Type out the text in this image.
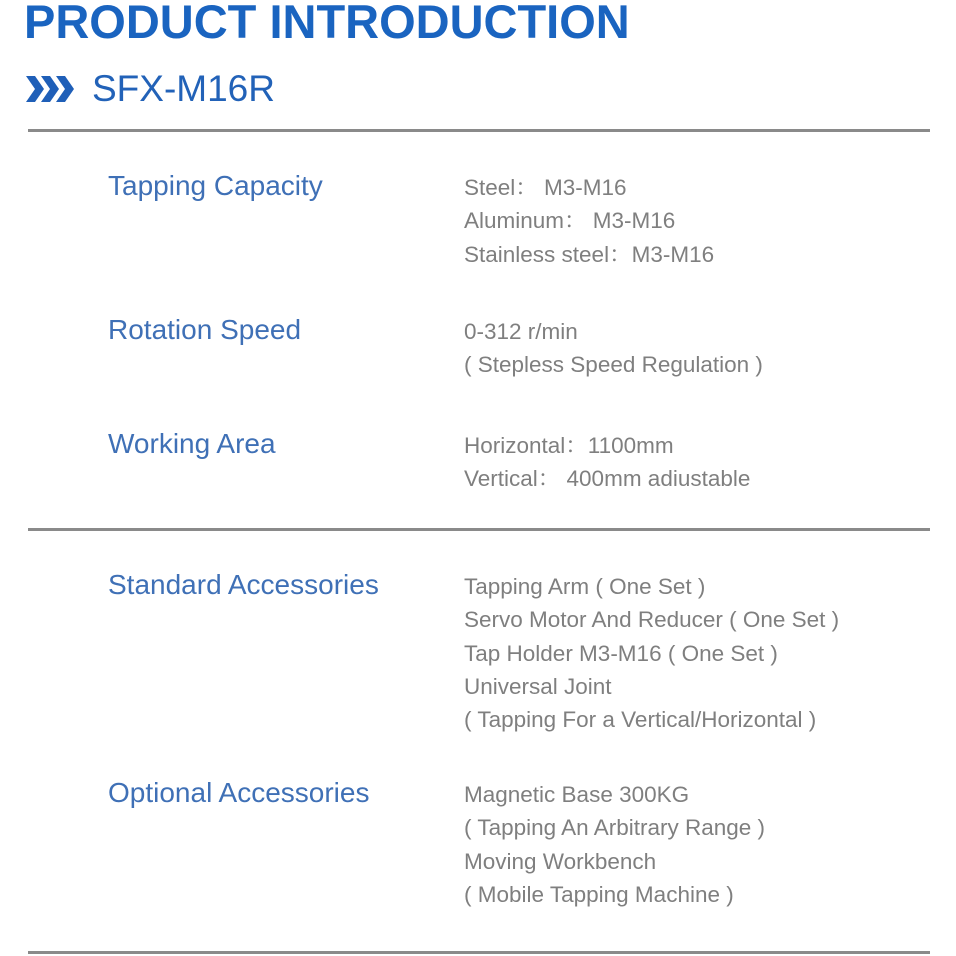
PRODUCT INTRODUCTION
SFX-M16R
Tapping Capacity	Steel： M3-M16
Aluminum： M3-M16
Stainless steel：M3-M16
Rotation Speed	0-312 r/min
( Stepless Speed Regulation )
Working Area	Horizontal：1100mm
Vertical： 400mm adiustable
Standard Accessories	Tapping Arm ( One Set )
Servo Motor And Reducer ( One Set )
Tap Holder M3-M16 ( One Set )
Universal Joint
( Tapping For a Vertical/Horizontal )
Optional Accessories	Magnetic Base 300KG
( Tapping An Arbitrary Range )
Moving Workbench
( Mobile Tapping Machine )
